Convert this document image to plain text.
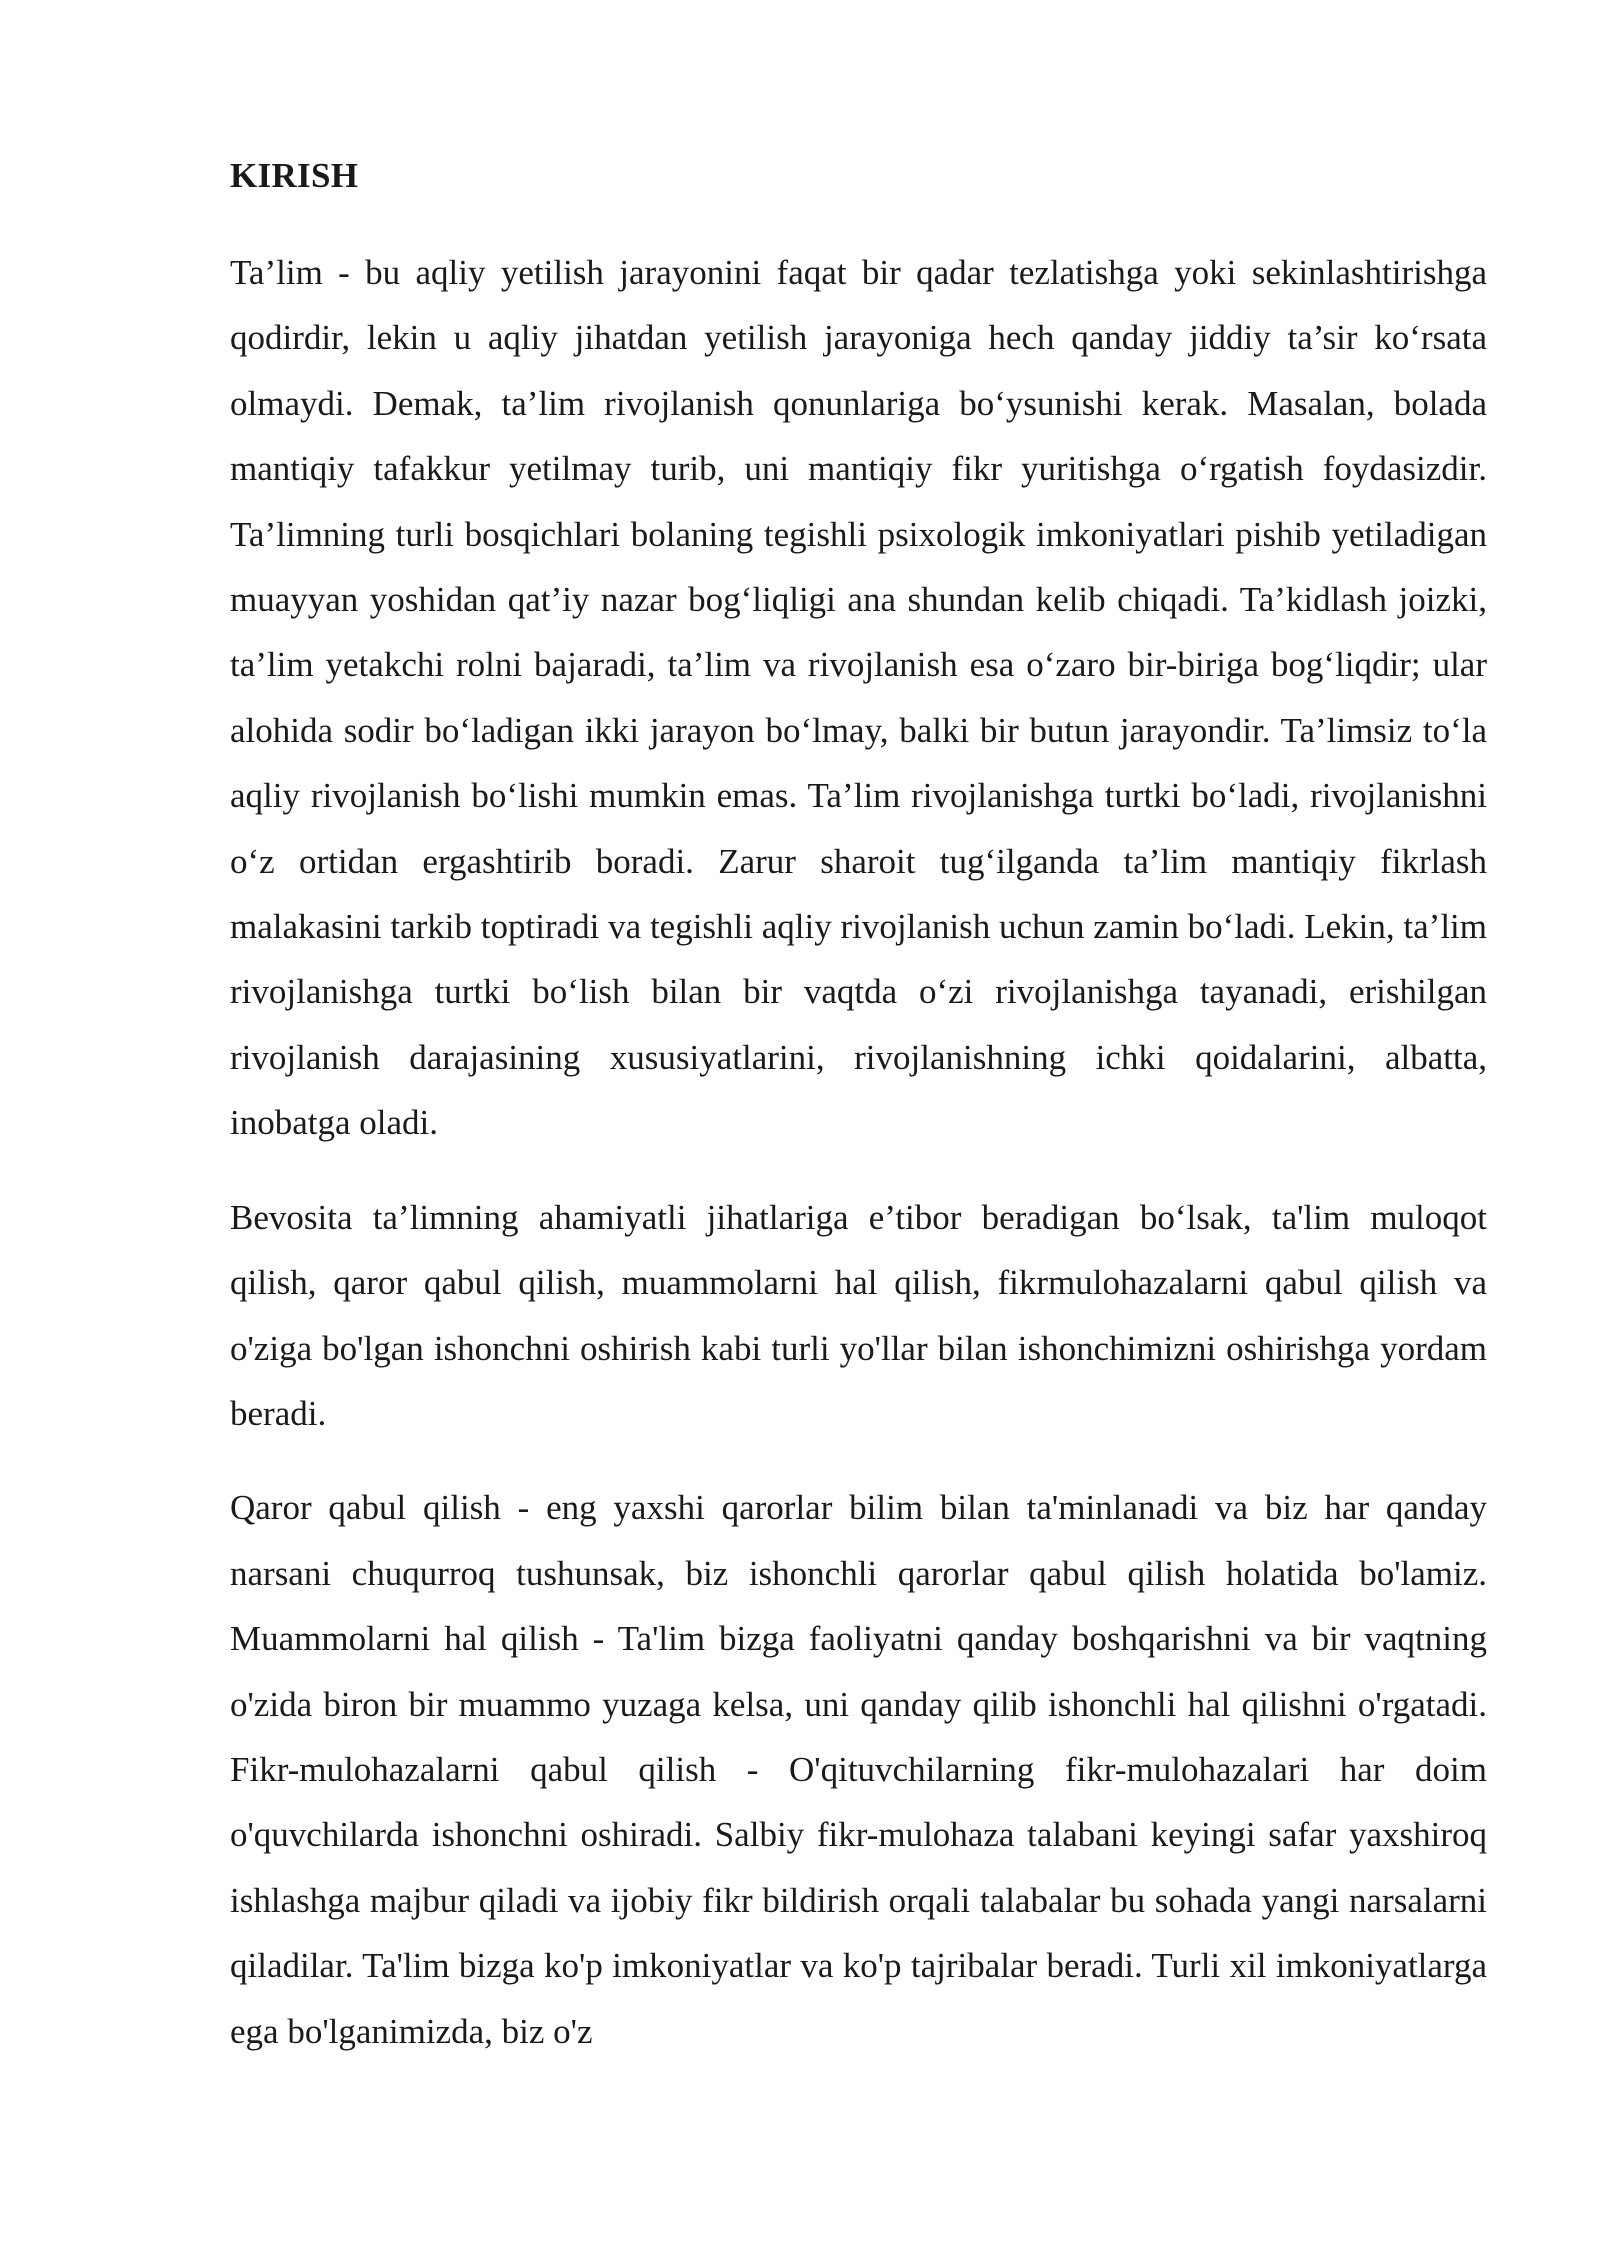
KIRISH

Ta’lim - bu aqliy yetilish jarayonini faqat bir qadar tezlatishga yoki sekinlashtirishga qodirdir, lekin u aqliy jihatdan yetilish jarayoniga hech qanday jiddiy ta’sir ko‘rsata olmaydi. Demak, ta’lim rivojlanish qonunlariga bo‘ysunishi kerak. Masalan, bolada mantiqiy tafakkur yetilmay turib, uni mantiqiy fikr yuritishga o‘rgatish foydasizdir. Ta’limning turli bosqichlari bolaning tegishli psixologik imkoniyatlari pishib yetiladigan muayyan yoshidan qat’iy nazar bog‘liqligi ana shundan kelib chiqadi. Ta’kidlash joizki, ta’lim yetakchi rolni bajaradi, ta’lim va rivojlanish esa o‘zaro bir-biriga bog‘liqdir; ular alohida sodir bo‘ladigan ikki jarayon bo‘lmay, balki bir butun jarayondir. Ta’limsiz to‘la aqliy rivojlanish bo‘lishi mumkin emas. Ta’lim rivojlanishga turtki bo‘ladi, rivojlanishni o‘z ortidan ergashtirib boradi. Zarur sharoit tug‘ilganda ta’lim mantiqiy fikrlash malakasini tarkib toptiradi va tegishli aqliy rivojlanish uchun zamin bo‘ladi. Lekin, ta’lim rivojlanishga turtki bo‘lish bilan bir vaqtda o‘zi rivojlanishga tayanadi, erishilgan rivojlanish darajasining xususiyatlarini, rivojlanishning ichki qoidalarini, albatta, inobatga oladi.

Bevosita ta’limning ahamiyatli jihatlariga e’tibor beradigan bo‘lsak, ta'lim muloqot qilish, qaror qabul qilish, muammolarni hal qilish, fikrmulohazalarni qabul qilish va o'ziga bo'lgan ishonchni oshirish kabi turli yo'llar bilan ishonchimizni oshirishga yordam beradi.

Qaror qabul qilish - eng yaxshi qarorlar bilim bilan ta'minlanadi va biz har qanday narsani chuqurroq tushunsak, biz ishonchli qarorlar qabul qilish holatida bo'lamiz. Muammolarni hal qilish - Ta'lim bizga faoliyatni qanday boshqarishni va bir vaqtning o'zida biron bir muammo yuzaga kelsa, uni qanday qilib ishonchli hal qilishni o'rgatadi. Fikr-mulohazalarni qabul qilish - O'qituvchilarning fikr-mulohazalari har doim o'quvchilarda ishonchni oshiradi. Salbiy fikr-mulohaza talabani keyingi safar yaxshiroq ishlashga majbur qiladi va ijobiy fikr bildirish orqali talabalar bu sohada yangi narsalarni qiladilar. Ta'lim bizga ko'p imkoniyatlar va ko'p tajribalar beradi. Turli xil imkoniyatlarga ega bo'lganimizda, biz o'z
